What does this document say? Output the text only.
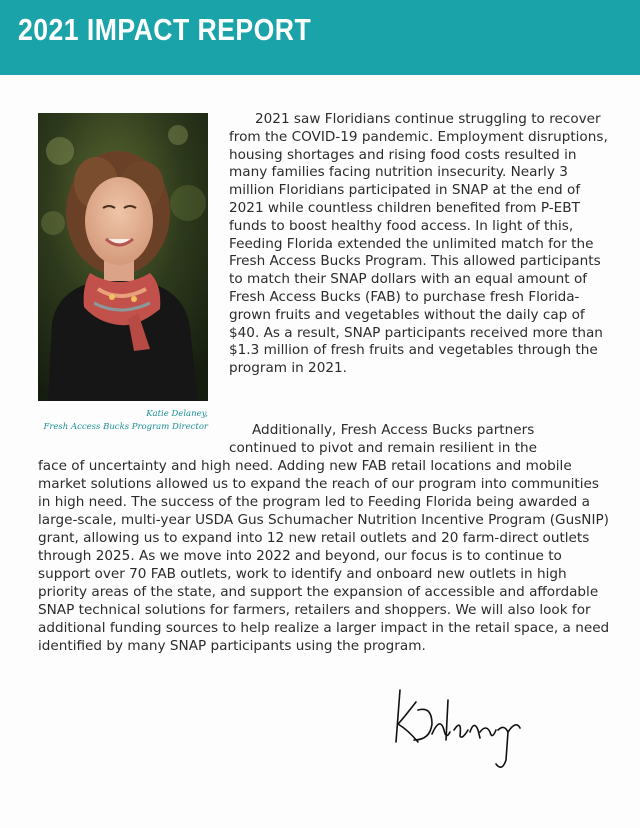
2021 IMPACT REPORT
Katie Delaney,
Fresh Access Bucks Program Director

2021 saw Floridians continue struggling to recover from the COVID-19 pandemic. Employment disruptions, housing shortages and rising food costs resulted in many families facing nutrition insecurity. Nearly 3 million Floridians participated in SNAP at the end of 2021 while countless children benefited from P-EBT funds to boost healthy food access. In light of this, Feeding Florida extended the unlimited match for the Fresh Access Bucks Program. This allowed participants to match their SNAP dollars with an equal amount of Fresh Access Bucks (FAB) to purchase fresh Florida-grown fruits and vegetables without the daily cap of $40. As a result, SNAP participants received more than $1.3 million of fresh fruits and vegetables through the program in 2021.

Additionally, Fresh Access Bucks partners
continued to pivot and remain resilient in the
face of uncertainty and high need. Adding new FAB retail locations and mobile market solutions allowed us to expand the reach of our program into communities in high need. The success of the program led to Feeding Florida being awarded a large-scale, multi-year USDA Gus Schumacher Nutrition Incentive Program (GusNIP) grant, allowing us to expand into 12 new retail outlets and 20 farm-direct outlets through 2025. As we move into 2022 and beyond, our focus is to continue to support over 70 FAB outlets, work to identify and onboard new outlets in high priority areas of the state, and support the expansion of accessible and affordable SNAP technical solutions for farmers, retailers and shoppers. We will also look for additional funding sources to help realize a larger impact in the retail space, a need identified by many SNAP participants using the program.
